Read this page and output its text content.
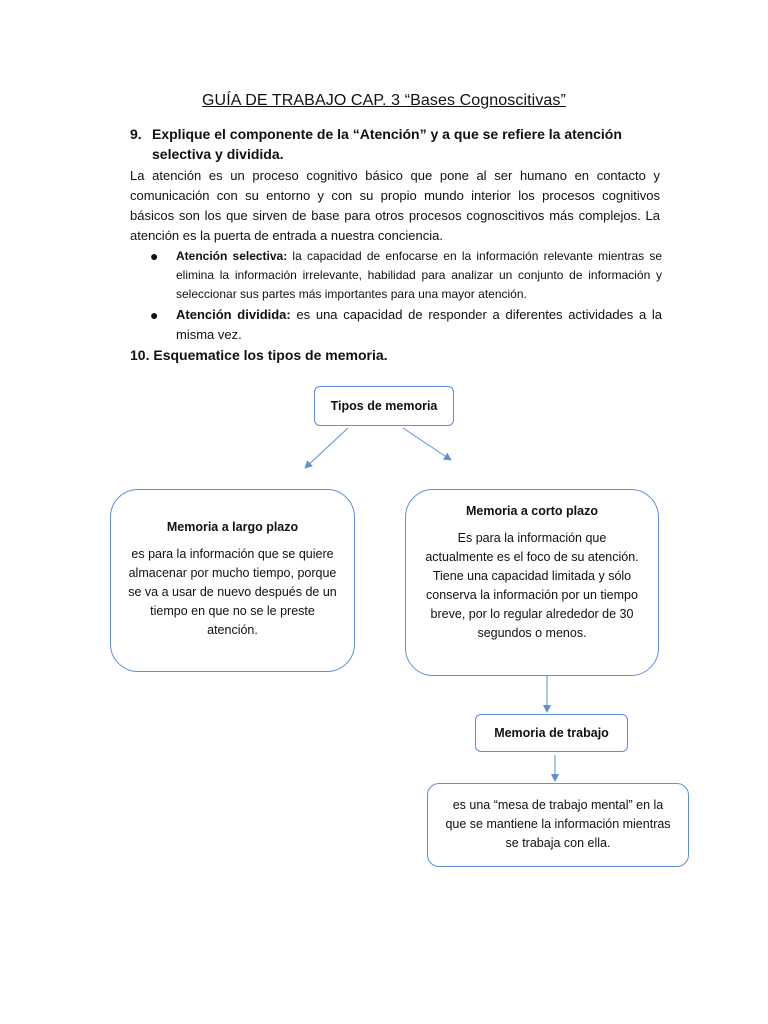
GUÍA DE TRABAJO CAP. 3 “Bases Cognoscitivas”
9. Explique el componente de la “Atención” y a que se refiere la atención selectiva y dividida.
La atención es un proceso cognitivo básico que pone al ser humano en contacto y comunicación con su entorno y con su propio mundo interior los procesos cognitivos básicos son los que sirven de base para otros procesos cognoscitivos más complejos. La atención es la puerta de entrada a nuestra conciencia.
●	Atención selectiva: la capacidad de enfocarse en la información relevante mientras se elimina la información irrelevante, habilidad para analizar un conjunto de información y seleccionar sus partes más importantes para una mayor atención.
●	Atención dividida: es una capacidad de responder a diferentes actividades a la misma vez.
10. Esquematice los tipos de memoria.
Tipos de memoria
Memoria a largo plazo
es para la información que se quiere almacenar por mucho tiempo, porque se va a usar de nuevo después de un tiempo en que no se le preste atención.
Memoria a corto plazo
Es para la información que actualmente es el foco de su atención. Tiene una capacidad limitada y sólo conserva la información por un tiempo breve, por lo regular alrededor de 30 segundos o menos.
Memoria de trabajo
es una “mesa de trabajo mental” en la que se mantiene la información mientras se trabaja con ella.
